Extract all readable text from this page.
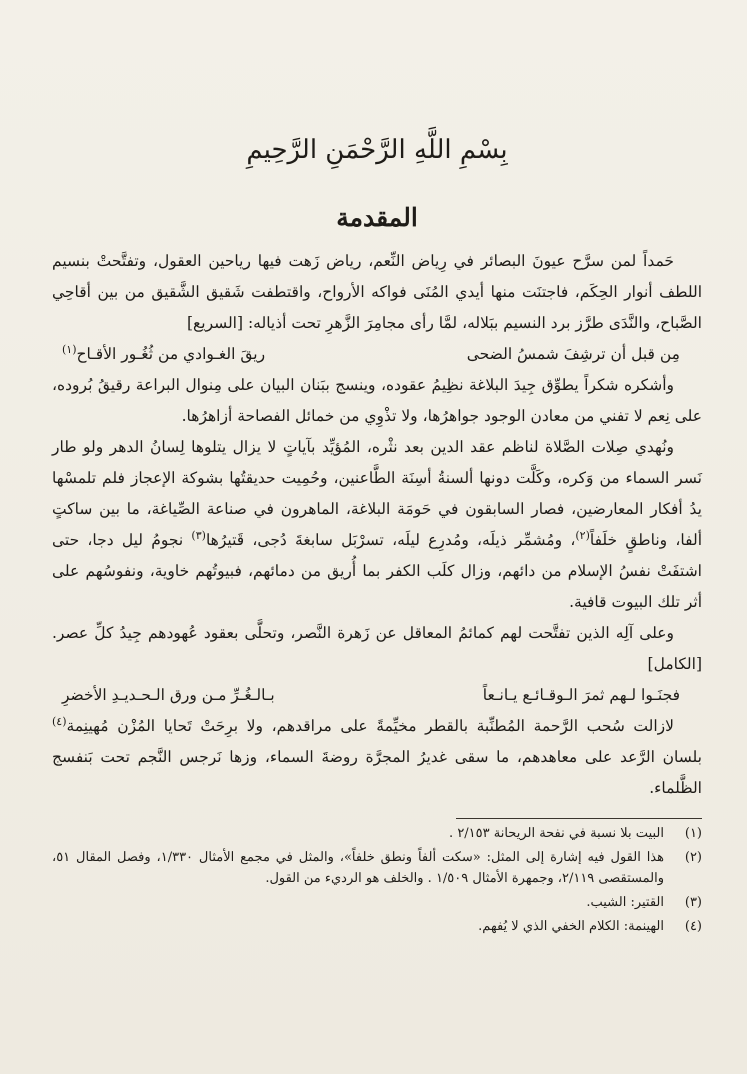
بِسْمِ اللَّهِ الرَّحْمَنِ الرَّحِيمِ
المقدمة

حَمداً لمن سرَّح عيونَ البصائر في رِياض النِّعم، رياض زَهت فيها رياحين العقول، وتفتَّحتْ بنسيم اللطف أنوار الحِكَم، فاجتنَت منها أيدي المُنَى فواكه الأرواح، واقتطفت شَقيق الشَّقيق من بين أقاحِي الصَّباح، والنَّدَى طرَّز برد النسيم ببَلاله، لمَّا رأى مجامِرَ الزَّهرِ تحت أذياله: [السريع]

مِن قبل أن ترشِفَ شمسُ الضحى
ريقَ الغـوادي من ثُغُـور الأقـاح$^{(١)}$

وأشكره شكراً يطوِّق جِيدَ البلاغة نظِيمُ عقوده، وينسج ببَنان البيان على مِنوال البراعة رقيقُ بُروده، على نِعم لا تفني من معادن الوجود جواهرُها، ولا تذْوِي من خمائل الفصاحة أزاهرُها.

ونُهدي صِلات الصَّلاة لناظم عقد الدين بعد نثْره، المُؤيِّد بآياتٍ لا يزال يتلوها لِسانُ الدهر ولو طار نَسر السماء من وَكره، وكَلَّت دونها ألسنةُ أسِنَة الطَّاعنين، وحُمِيت حديقتُها بشوكة الإعجاز فلم تلمسْها يدُ أفكار المعارضين، فصار السابقون في حَومَة البلاغة، الماهرون في صناعة الصِّياغة، ما بين ساكتٍ ألفا، وناطقٍ خلَفاً$^{(٢)}$، ومُشمِّر ذيلَه، ومُدرِع ليلَه، تسرْبَل سابغةَ دُجى، قَتيرُها$^{(٣)}$ نجومُ ليل دجا، حتى اشتفَتْ نفسُ الإسلام من دائهم، وزال كلَب الكفر بما أُريق من دمائهم، فبيوتُهم خاوية، ونفوسُهم على أثر تلك البيوت قافية.

وعلى آلِه الذين تفتَّحت لهم كمائمُ المعاقل عن زَهرة النَّصر، وتحلَّى بعقود عُهودهم جِيدُ كلِّ عصر. [الكامل]

فجنَـوا لـهم ثمرَ الـوقـائـع يـانـعاً
بـالـغُـرِّ مـن ورق الـحـديـدِ الأخضرِ

لازالت سُحب الرَّحمة المُطنِّبة بالقطر مخيِّمةً على مراقدهم، ولا برِحَتْ تَحايا المُزْن مُهينِمة$^{(٤)}$ بلسان الرَّعد على معاهدهم، ما سقى غديرُ المجرَّة روضةَ السماء، وزها نَرجس النَّجم تحت بَنفسج الظَّلماء.

(١)
البيت بلا نسبة في نفحة الريحانة ٢/١٥٣ .
(٢)
هذا القول فيه إشارة إلى المثل: «سكت ألفاً ونطق خلفاً»، والمثل في مجمع الأمثال ١/٣٣٠، وفصل المقال ٥١، والمستقصى ٢/١١٩، وجمهرة الأمثال ١/٥٠٩ . والخلف هو الرديء من القول.
(٣)
القتير: الشيب.
(٤)
الهينمة: الكلام الخفي الذي لا يُفهم.
